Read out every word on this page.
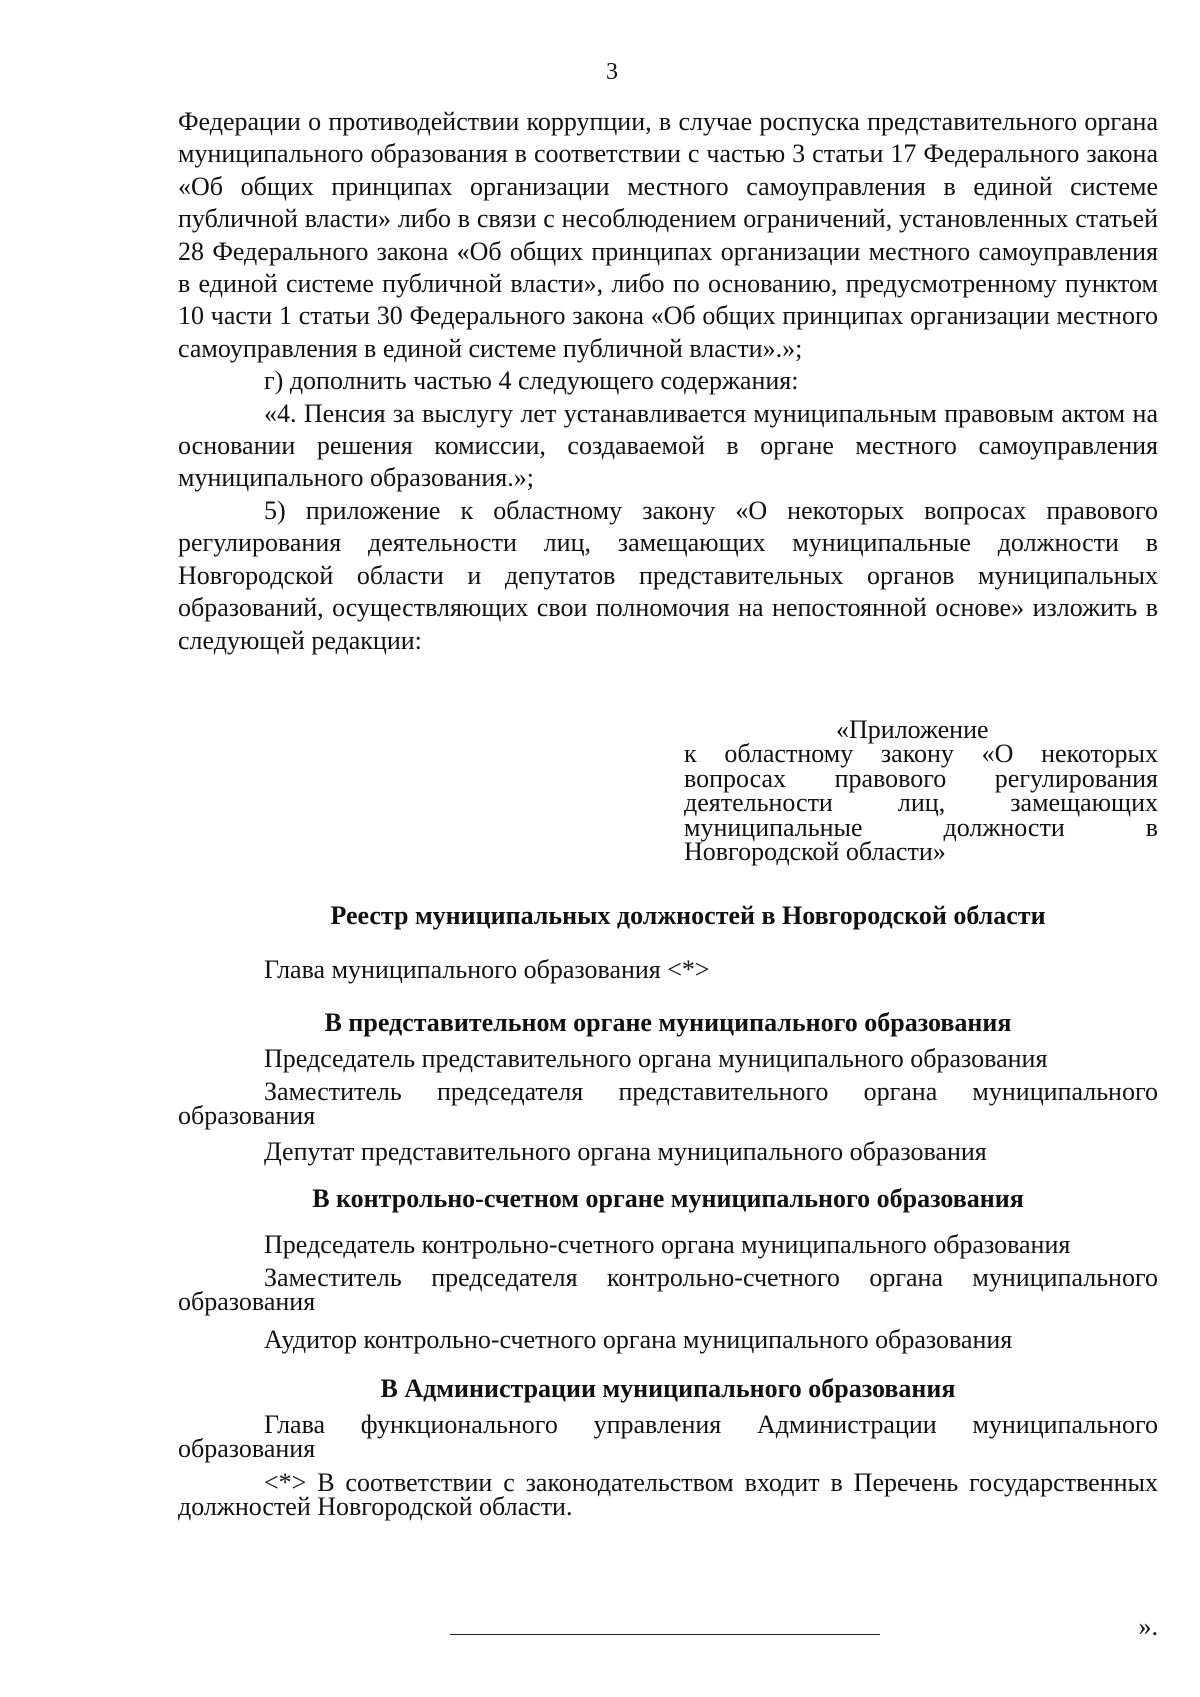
3

Федерации о противодействии коррупции, в случае роспуска представительного органа муниципального образования в соответствии с частью 3 статьи 17 Федерального закона «Об общих принципах организации местного самоуправления в единой системе публичной власти» либо в связи с несоблюдением ограничений, установленных статьей 28 Федерального закона «Об общих принципах организации местного самоуправления в единой системе публичной власти», либо по основанию, предусмотренному пунктом 10 части 1 статьи 30 Федерального закона «Об общих принципах организации местного самоуправления в единой системе публичной власти».»;

г) дополнить частью 4 следующего содержания:

«4. Пенсия за выслугу лет устанавливается муниципальным правовым актом на основании решения комиссии, создаваемой в органе местного самоуправления муниципального образования.»;

5) приложение к областному закону «О некоторых вопросах правового регулирования деятельности лиц, замещающих муниципальные должности в Новгородской области и депутатов представительных органов муниципальных образований, осуществляющих свои полномочия на непостоянной основе» изложить в следующей редакции:

«Приложение
к областному закону «О некоторых вопросах правового регулирования деятельности лиц, замещающих муниципальные должности в Новгородской области»
Реестр муниципальных должностей в Новгородской области

Глава муниципального образования <*>

В представительном органе муниципального образования

Председатель представительного органа муниципального образования

Заместитель председателя представительного органа муниципального образования

Депутат представительного органа муниципального образования

В контрольно-счетном органе муниципального образования

Председатель контрольно-счетного органа муниципального образования

Заместитель председателя контрольно-счетного органа муниципального образования

Аудитор контрольно-счетного органа муниципального образования

В Администрации муниципального образования

Глава функционального управления Администрации муниципального образования

<*> В соответствии с законодательством входит в Перечень государственных должностей Новгородской области.

».
